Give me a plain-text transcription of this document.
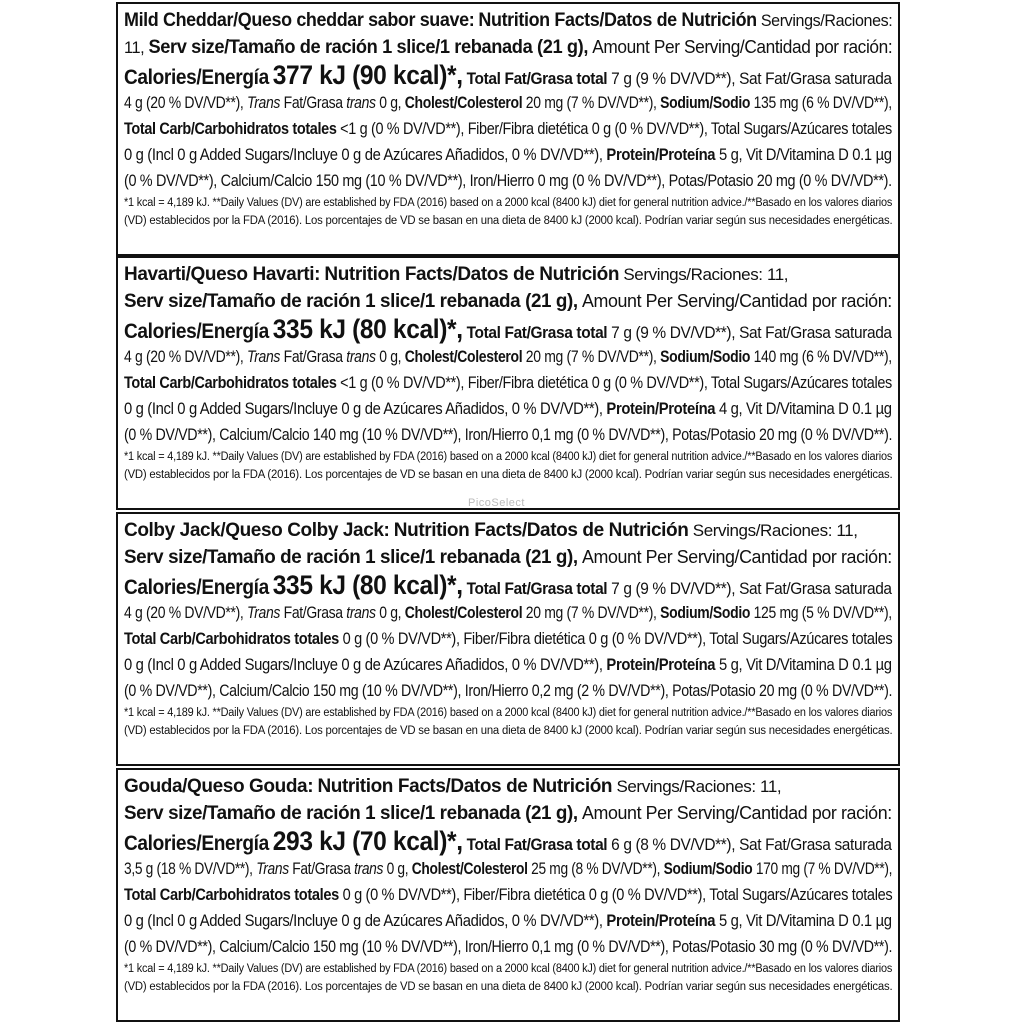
Mild Cheddar/Queso cheddar sabor suave: Nutrition Facts/Datos de Nutrición Servings/Raciones:
11, Serv size/Tamaño de ración 1 slice/1 rebanada (21 g), Amount Per Serving/Cantidad por ración:
Calories/Energía 377 kJ (90 kcal)*, Total Fat/Grasa total 7 g (9 % DV/VD**), Sat Fat/Grasa saturada
4 g (20 % DV/VD**), Trans Fat/Grasa trans 0 g, Cholest/Colesterol 20 mg (7 % DV/VD**), Sodium/Sodio 135 mg (6 % DV/VD**),
Total Carb/Carbohidratos totales <1 g (0 % DV/VD**), Fiber/Fibra dietética 0 g (0 % DV/VD**), Total Sugars/Azúcares totales
0 g (Incl 0 g Added Sugars/Incluye 0 g de Azúcares Añadidos, 0 % DV/VD**), Protein/Proteína 5 g, Vit D/Vitamina D 0.1 µg
(0 % DV/VD**), Calcium/Calcio 150 mg (10 % DV/VD**), Iron/Hierro 0 mg (0 % DV/VD**), Potas/Potasio 20 mg (0 % DV/VD**).
*1 kcal = 4,189 kJ. **Daily Values (DV) are established by FDA (2016) based on a 2000 kcal (8400 kJ) diet for general nutrition advice./**Basado en los valores diarios
(VD) establecidos por la FDA (2016). Los porcentajes de VD se basan en una dieta de 8400 kJ (2000 kcal). Podrían variar según sus necesidades energéticas.
Havarti/Queso Havarti: Nutrition Facts/Datos de Nutrición Servings/Raciones: 11,
Serv size/Tamaño de ración 1 slice/1 rebanada (21 g), Amount Per Serving/Cantidad por ración:
Calories/Energía 335 kJ (80 kcal)*, Total Fat/Grasa total 7 g (9 % DV/VD**), Sat Fat/Grasa saturada
4 g (20 % DV/VD**), Trans Fat/Grasa trans 0 g, Cholest/Colesterol 20 mg (7 % DV/VD**), Sodium/Sodio 140 mg (6 % DV/VD**),
Total Carb/Carbohidratos totales <1 g (0 % DV/VD**), Fiber/Fibra dietética 0 g (0 % DV/VD**), Total Sugars/Azúcares totales
0 g (Incl 0 g Added Sugars/Incluye 0 g de Azúcares Añadidos, 0 % DV/VD**), Protein/Proteína 4 g, Vit D/Vitamina D 0.1 µg
(0 % DV/VD**), Calcium/Calcio 140 mg (10 % DV/VD**), Iron/Hierro 0,1 mg (0 % DV/VD**), Potas/Potasio 20 mg (0 % DV/VD**).
*1 kcal = 4,189 kJ. **Daily Values (DV) are established by FDA (2016) based on a 2000 kcal (8400 kJ) diet for general nutrition advice./**Basado en los valores diarios
(VD) establecidos por la FDA (2016). Los porcentajes de VD se basan en una dieta de 8400 kJ (2000 kcal). Podrían variar según sus necesidades energéticas.
Colby Jack/Queso Colby Jack: Nutrition Facts/Datos de Nutrición Servings/Raciones: 11,
Serv size/Tamaño de ración 1 slice/1 rebanada (21 g), Amount Per Serving/Cantidad por ración:
Calories/Energía 335 kJ (80 kcal)*, Total Fat/Grasa total 7 g (9 % DV/VD**), Sat Fat/Grasa saturada
4 g (20 % DV/VD**), Trans Fat/Grasa trans 0 g, Cholest/Colesterol 20 mg (7 % DV/VD**), Sodium/Sodio 125 mg (5 % DV/VD**),
Total Carb/Carbohidratos totales 0 g (0 % DV/VD**), Fiber/Fibra dietética 0 g (0 % DV/VD**), Total Sugars/Azúcares totales
0 g (Incl 0 g Added Sugars/Incluye 0 g de Azúcares Añadidos, 0 % DV/VD**), Protein/Proteína 5 g, Vit D/Vitamina D 0.1 µg
(0 % DV/VD**), Calcium/Calcio 150 mg (10 % DV/VD**), Iron/Hierro 0,2 mg (2 % DV/VD**), Potas/Potasio 20 mg (0 % DV/VD**).
*1 kcal = 4,189 kJ. **Daily Values (DV) are established by FDA (2016) based on a 2000 kcal (8400 kJ) diet for general nutrition advice./**Basado en los valores diarios
(VD) establecidos por la FDA (2016). Los porcentajes de VD se basan en una dieta de 8400 kJ (2000 kcal). Podrían variar según sus necesidades energéticas.
Gouda/Queso Gouda: Nutrition Facts/Datos de Nutrición Servings/Raciones: 11,
Serv size/Tamaño de ración 1 slice/1 rebanada (21 g), Amount Per Serving/Cantidad por ración:
Calories/Energía 293 kJ (70 kcal)*, Total Fat/Grasa total 6 g (8 % DV/VD**), Sat Fat/Grasa saturada
3,5 g (18 % DV/VD**), Trans Fat/Grasa trans 0 g, Cholest/Colesterol 25 mg (8 % DV/VD**), Sodium/Sodio 170 mg (7 % DV/VD**),
Total Carb/Carbohidratos totales 0 g (0 % DV/VD**), Fiber/Fibra dietética 0 g (0 % DV/VD**), Total Sugars/Azúcares totales
0 g (Incl 0 g Added Sugars/Incluye 0 g de Azúcares Añadidos, 0 % DV/VD**), Protein/Proteína 5 g, Vit D/Vitamina D 0.1 µg
(0 % DV/VD**), Calcium/Calcio 150 mg (10 % DV/VD**), Iron/Hierro 0,1 mg (0 % DV/VD**), Potas/Potasio 30 mg (0 % DV/VD**).
*1 kcal = 4,189 kJ. **Daily Values (DV) are established by FDA (2016) based on a 2000 kcal (8400 kJ) diet for general nutrition advice./**Basado en los valores diarios
(VD) establecidos por la FDA (2016). Los porcentajes de VD se basan en una dieta de 8400 kJ (2000 kcal). Podrían variar según sus necesidades energéticas.
PicoSelect
